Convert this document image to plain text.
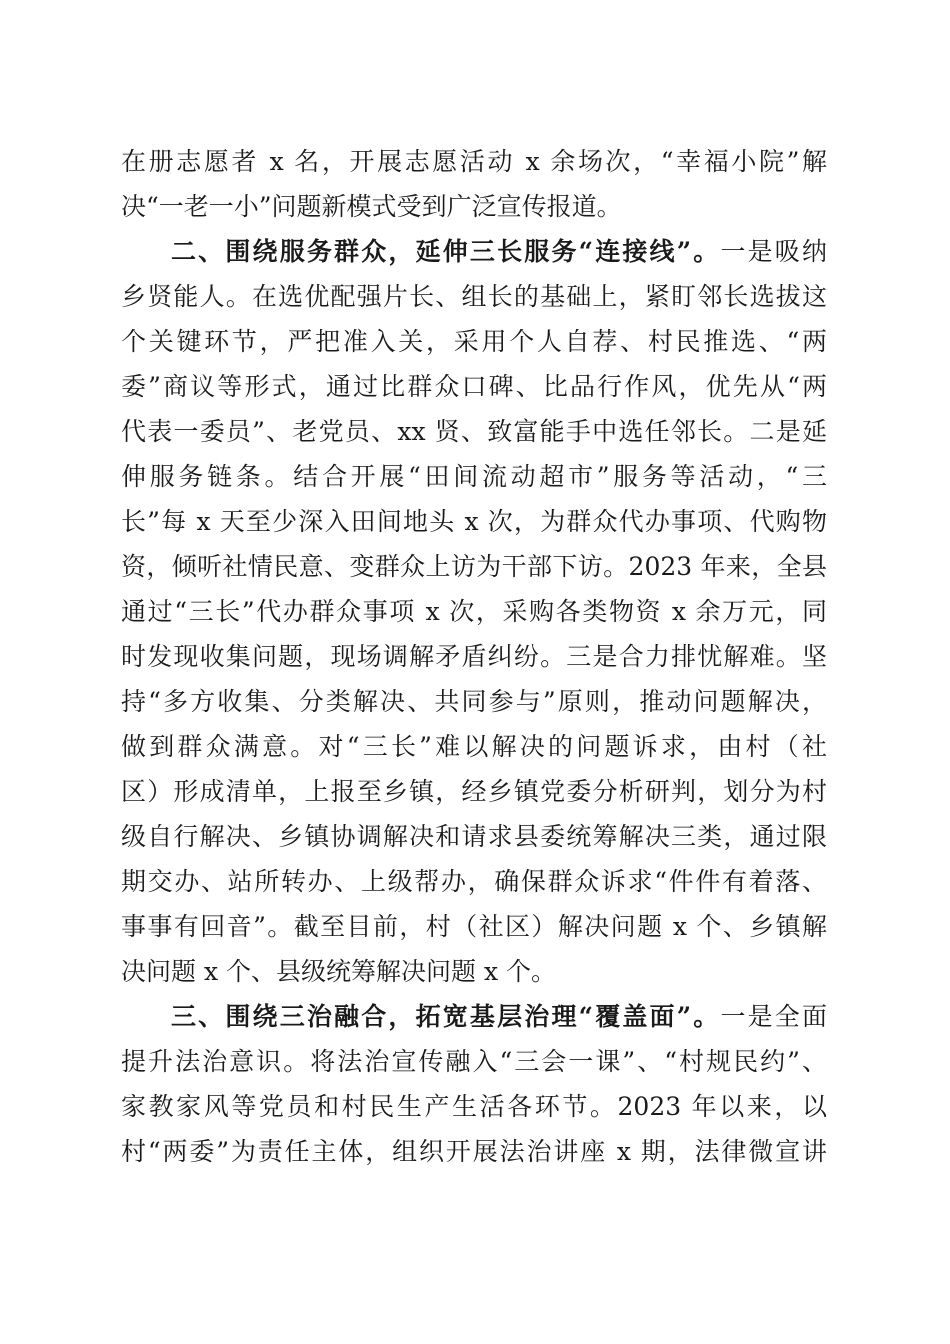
在册志愿者 x 名，开展志愿活动 x 余场次，“幸福小院”解
决“一老一小”问题新模式受到广泛宣传报道。
二、围绕服务群众，延伸三长服务“连接线”。一是吸纳
乡贤能人。在选优配强片长、组长的基础上，紧盯邻长选拔这
个关键环节，严把准入关，采用个人自荐、村民推选、“两
委”商议等形式，通过比群众口碑、比品行作风，优先从“两
代表一委员”、老党员、xx 贤、致富能手中选任邻长。二是延
伸服务链条。结合开展“田间流动超市”服务等活动，“三
长”每 x 天至少深入田间地头 x 次，为群众代办事项、代购物
资，倾听社情民意、变群众上访为干部下访。2023 年来，全县
通过“三长”代办群众事项 x 次，采购各类物资 x 余万元，同
时发现收集问题，现场调解矛盾纠纷。三是合力排忧解难。坚
持“多方收集、分类解决、共同参与”原则，推动问题解决，
做到群众满意。对“三长”难以解决的问题诉求，由村（社
区）形成清单，上报至乡镇，经乡镇党委分析研判，划分为村
级自行解决、乡镇协调解决和请求县委统筹解决三类，通过限
期交办、站所转办、上级帮办，确保群众诉求“件件有着落、
事事有回音”。截至目前，村（社区）解决问题 x 个、乡镇解
决问题 x 个、县级统筹解决问题 x 个。
三、围绕三治融合，拓宽基层治理“覆盖面”。一是全面
提升法治意识。将法治宣传融入“三会一课”、“村规民约”、
家教家风等党员和村民生产生活各环节。2023 年以来，以
村“两委”为责任主体，组织开展法治讲座 x 期，法律微宣讲
